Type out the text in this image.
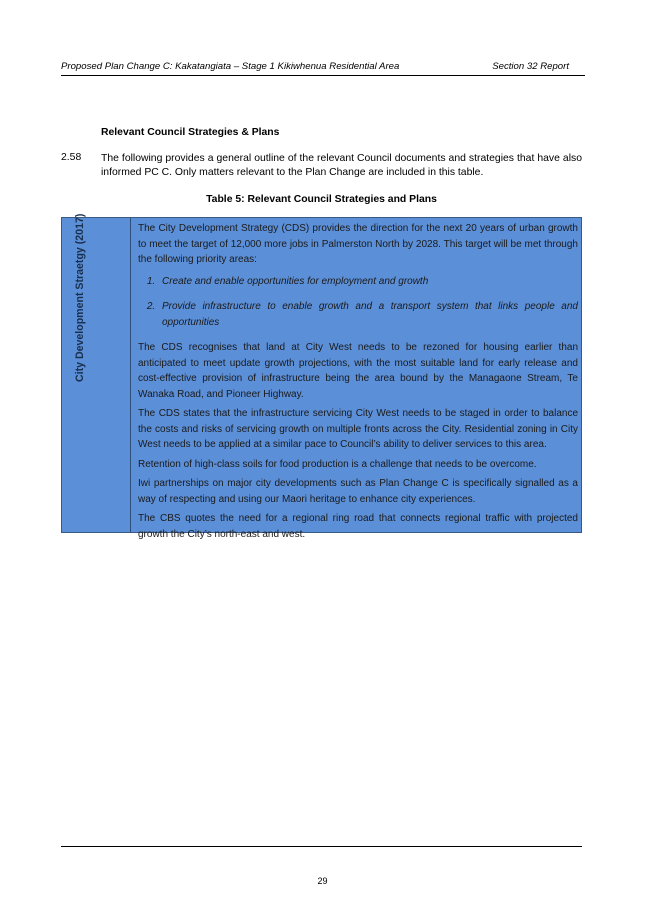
Proposed Plan Change C: Kakatangiata – Stage 1 Kikiwhenua Residential Area	Section 32 Report
Relevant Council Strategies & Plans
2.58 The following provides a general outline of the relevant Council documents and strategies that have also informed PC C. Only matters relevant to the Plan Change are included in this table.
Table 5: Relevant Council Strategies and Plans
City Development Straetgy (2017)	The City Development Strategy (CDS) provides the direction for the next 20 years of urban growth to meet the target of 12,000 more jobs in Palmerston North by 2028. This target will be met through the following priority areas:

1. Create and enable opportunities for employment and growth
2. Provide infrastructure to enable growth and a transport system that links people and opportunities

The CDS recognises that land at City West needs to be rezoned for housing earlier than anticipated to meet update growth projections, with the most suitable land for early release and cost-effective provision of infrastructure being the area bound by the Managaone Stream, Te Wanaka Road, and Pioneer Highway.

The CDS states that the infrastructure servicing City West needs to be staged in order to balance the costs and risks of servicing growth on multiple fronts across the City. Residential zoning in City West needs to be applied at a similar pace to Council’s ability to deliver services to this area.

Retention of high-class soils for food production is a challenge that needs to be overcome.

Iwi partnerships on major city developments such as Plan Change C is specifically signalled as a way of respecting and using our Maori heritage to enhance city experiences.

The CBS quotes the need for a regional ring road that connects regional traffic with projected growth the City’s north-east and west.

29
